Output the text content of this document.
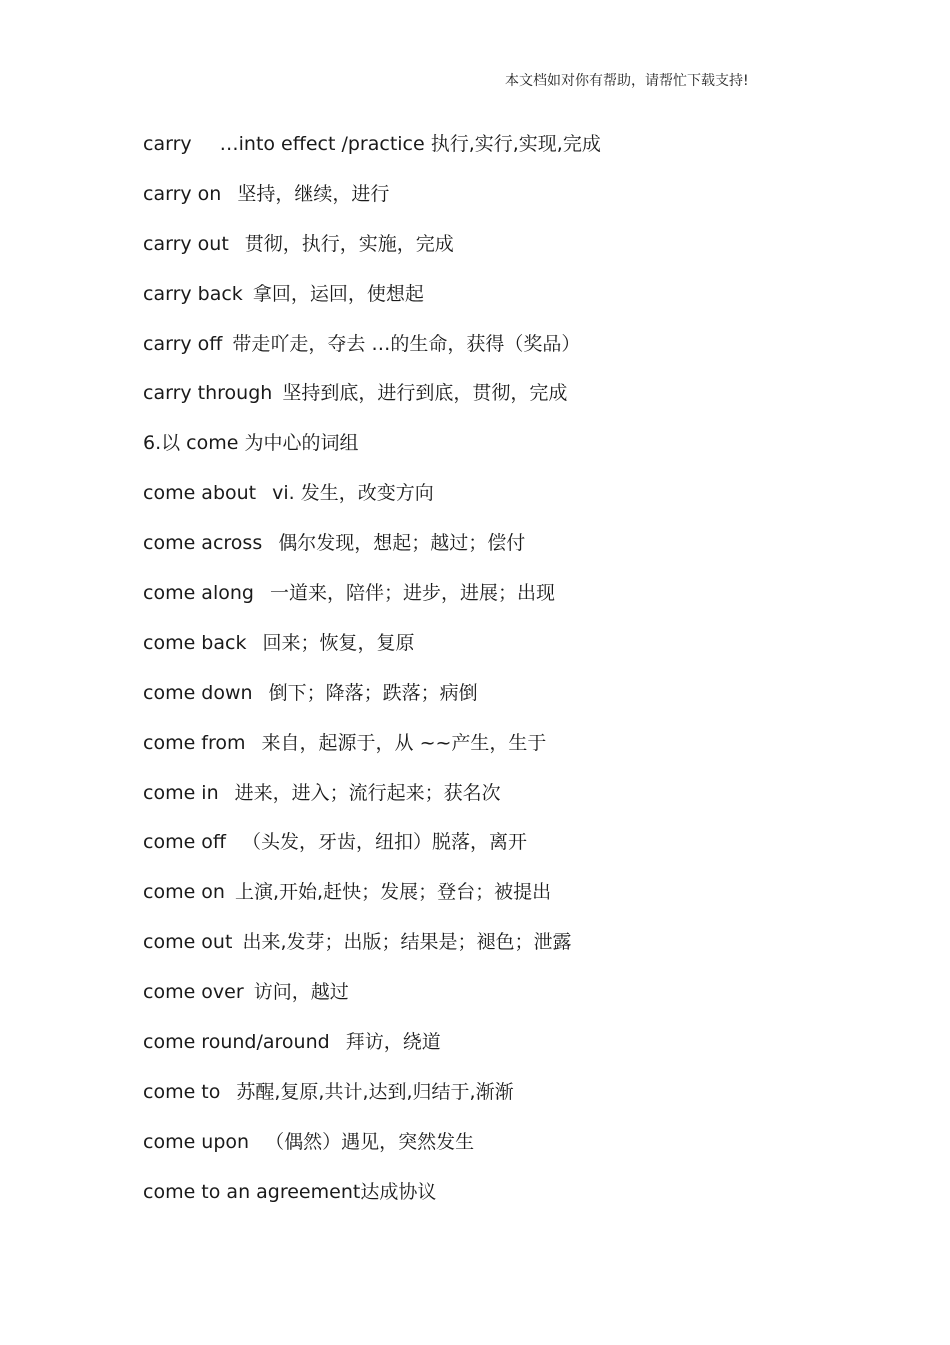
本文档如对你有帮助，请帮忙下载支持!
carry …into effect /practice 执行,实行,实现,完成
carry on 坚持，继续，进行
carry out 贯彻，执行，实施，完成
carry back 拿回，运回，使想起
carry off 带走吖走，夺去 …的生命，获得（奖品）
carry through 坚持到底，进行到底，贯彻，完成
6.以 come 为中心的词组
come about vi. 发生，改变方向
come across 偶尔发现，想起；越过；偿付
come along 一道来，陪伴；进步，进展；出现
come back 回来；恢复，复原
come down 倒下；降落；跌落；病倒
come from 来自，起源于，从 ~~产生，生于
come in 进来，进入；流行起来；获名次
come off （头发，牙齿，纽扣）脱落，离开
come on 上演,开始,赶快；发展；登台；被提出
come out 出来,发芽；出版；结果是；褪色；泄露
come over 访问，越过
come round/around 拜访，绕道
come to 苏醒,复原,共计,达到,归结于,渐渐
come upon （偶然）遇见，突然发生
come to an agreement达成协议
